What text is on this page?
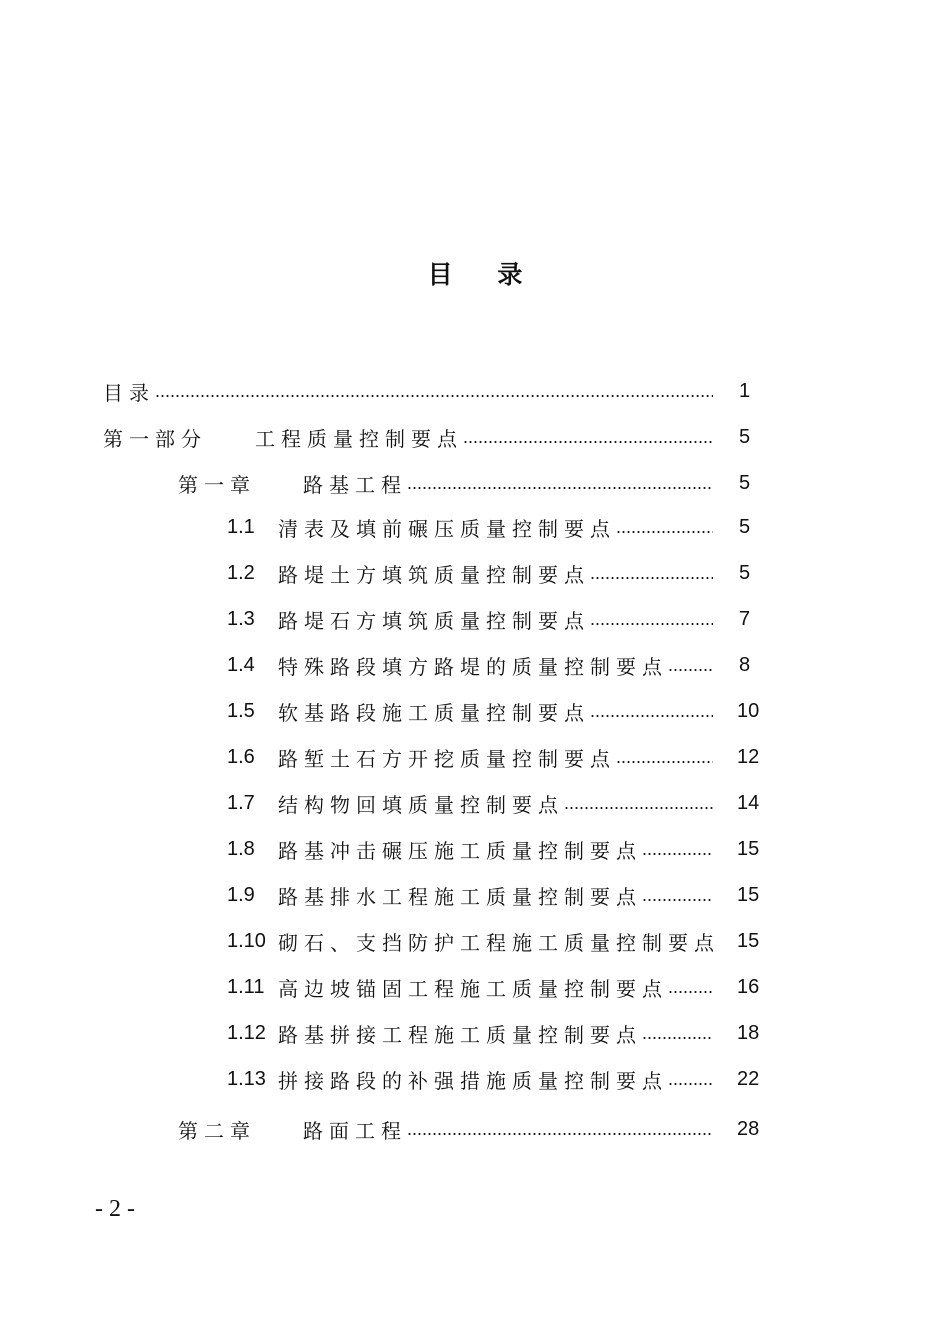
目 录
目录 .....	1
第一部分	工程质量控制要点 .....	5
第一章	路基工程 .....	5
1.1	清表及填前碾压质量控制要点 .....	5
1.2	路堤土方填筑质量控制要点 .....	5
1.3	路堤石方填筑质量控制要点 .....	7
1.4	特殊路段填方路堤的质量控制要点 .....	8
1.5	软基路段施工质量控制要点 .....	10
1.6	路堑土石方开挖质量控制要点 .....	12
1.7	结构物回填质量控制要点 .....	14
1.8	路基冲击碾压施工质量控制要点 .....	15
1.9	路基排水工程施工质量控制要点 .....	15
1.10 砌石、支挡防护工程施工质量控制要点 15
1.11 高边坡锚固工程施工质量控制要点 .....	16
1.12 路基拼接工程施工质量控制要点 .....	18
1.13 拼接路段的补强措施质量控制要点 .....	22
第二章	路面工程 .....	28
- 2 -
